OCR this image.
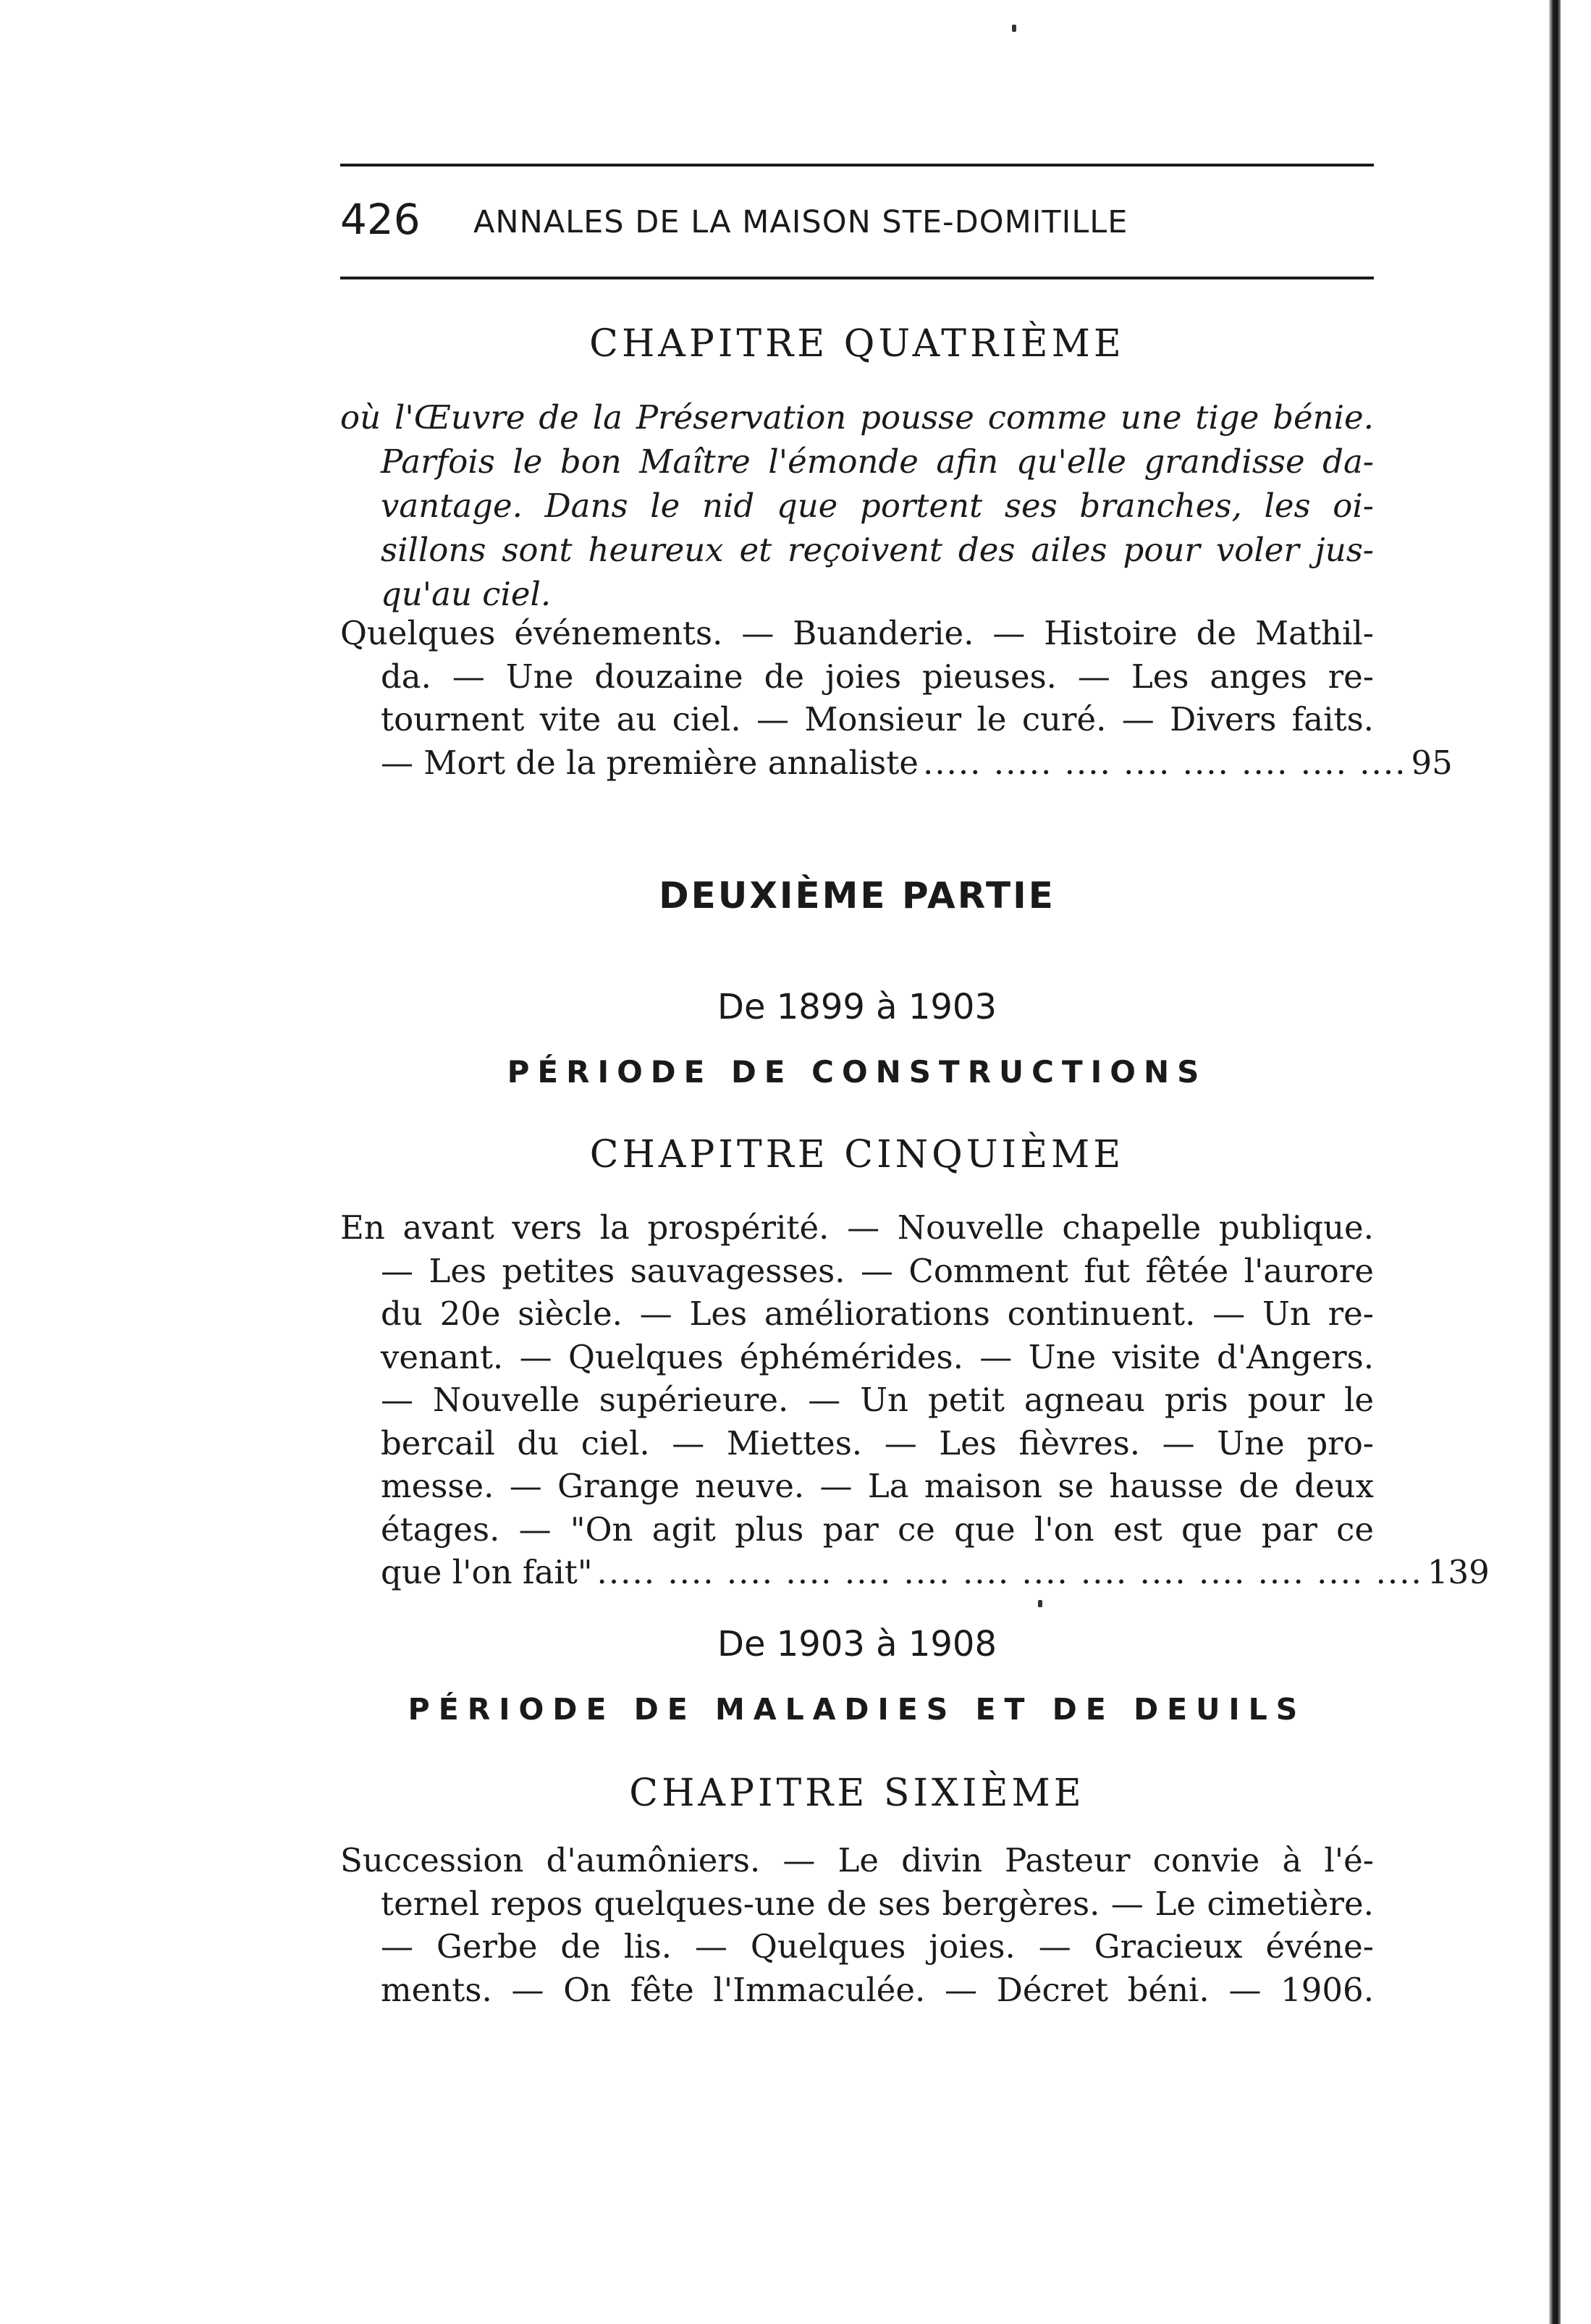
426 ANNALES DE LA MAISON STE-DOMITILLE
CHAPITRE QUATRIÈME
où l'Œuvre de la Préservation pousse comme une tige bénie.
Parfois le bon Maître l'émonde afin qu'elle grandisse da-
vantage. Dans le nid que portent ses branches, les oi-
sillons sont heureux et reçoivent des ailes pour voler jus-
qu'au ciel.
Quelques événements. — Buanderie. — Histoire de Mathil-
da. — Une douzaine de joies pieuses. — Les anges re-
tournent vite au ciel. — Monsieur le curé. — Divers faits.
— Mort de la première annaliste ..... ..... .... .... .... .... .... .... 95
DEUXIÈME PARTIE
De 1899 à 1903
PÉRIODE DE CONSTRUCTIONS
CHAPITRE CINQUIÈME
En avant vers la prospérité. — Nouvelle chapelle publique.
— Les petites sauvagesses. — Comment fut fêtée l'aurore
du 20e siècle. — Les améliorations continuent. — Un re-
venant. — Quelques éphémérides. — Une visite d'Angers.
— Nouvelle supérieure. — Un petit agneau pris pour le
bercail du ciel. — Miettes. — Les fièvres. — Une pro-
messe. — Grange neuve. — La maison se hausse de deux
étages. — "On agit plus par ce que l'on est que par ce
que l'on fait" ..... .... .... .... .... .... .... .... .... .... .... .... .... .... 139
De 1903 à 1908
PÉRIODE DE MALADIES ET DE DEUILS
CHAPITRE SIXIÈME
Succession d'aumôniers. — Le divin Pasteur convie à l'é-
ternel repos quelques-une de ses bergères. — Le cimetière.
— Gerbe de lis. — Quelques joies. — Gracieux événe-
ments. — On fête l'Immaculée. — Décret béni. — 1906.
